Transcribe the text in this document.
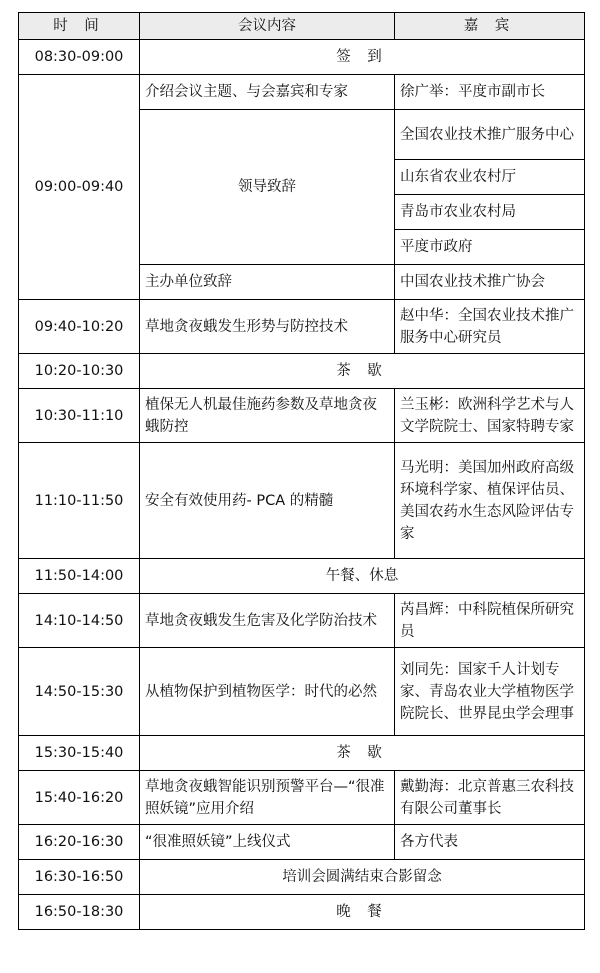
时 间	会议内容	嘉 宾
08:30-09:00	签 到	
09:00-09:40	介绍会议主题、与会嘉宾和专家	徐广举：平度市副市长
	领导致辞	全国农业技术推广服务中心
		山东省农业农村厅
		青岛市农业农村局
		平度市政府
	主办单位致辞	中国农业技术推广协会
09:40-10:20	草地贪夜蛾发生形势与防控技术	赵中华：全国农业技术推广服务中心研究员
10:20-10:30	茶 歇	
10:30-11:10	植保无人机最佳施药参数及草地贪夜蛾防控	兰玉彬：欧洲科学艺术与人文学院院士、国家特聘专家
11:10-11:50	安全有效使用药- PCA 的精髓	马光明：美国加州政府高级环境科学家、植保评估员、美国农药水生态风险评估专家
11:50-14:00	午餐、休息	
14:10-14:50	草地贪夜蛾发生危害及化学防治技术	芮昌辉：中科院植保所研究员
14:50-15:30	从植物保护到植物医学：时代的必然	刘同先：国家千人计划专家、青岛农业大学植物医学院院长、世界昆虫学会理事
15:30-15:40	茶 歇	
15:40-16:20	草地贪夜蛾智能识别预警平台—“很准照妖镜”应用介绍	戴勤海：北京普惠三农科技有限公司董事长
16:20-16:30	“很准照妖镜”上线仪式	各方代表
16:30-16:50	培训会圆满结束合影留念	
16:50-18:30	晚 餐	
